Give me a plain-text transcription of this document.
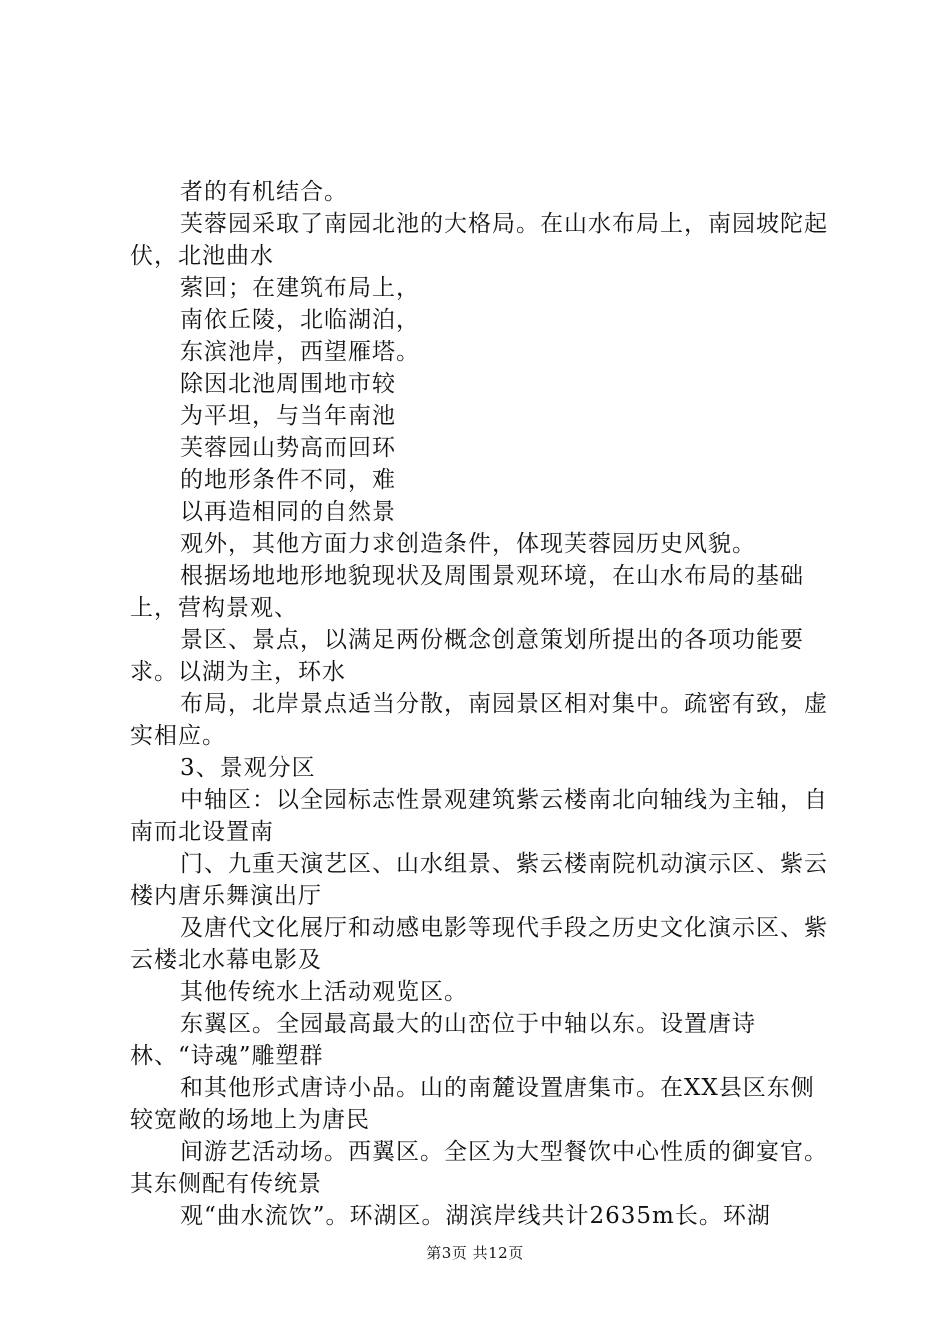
者的有机结合。

芙蓉园采取了南园北池的大格局。在山水布局上，南园坡陀起伏，北池曲水

萦回；在建筑布局上，

南依丘陵，北临湖泊，

东滨池岸，西望雁塔。

除因北池周围地市较

为平坦，与当年南池

芙蓉园山势高而回环

的地形条件不同，难

以再造相同的自然景

观外，其他方面力求创造条件，体现芙蓉园历史风貌。

根据场地地形地貌现状及周围景观环境，在山水布局的基础上，营构景观、

景区、景点，以满足两份概念创意策划所提出的各项功能要求。以湖为主，环水

布局，北岸景点适当分散，南园景区相对集中。疏密有致，虚实相应。

3、景观分区

中轴区：以全园标志性景观建筑紫云楼南北向轴线为主轴，自南而北设置南

门、九重天演艺区、山水组景、紫云楼南院机动演示区、紫云楼内唐乐舞演出厅

及唐代文化展厅和动感电影等现代手段之历史文化演示区、紫云楼北水幕电影及

其他传统水上活动观览区。

东翼区。全园最高最大的山峦位于中轴以东。设置唐诗林、“诗魂”雕塑群

和其他形式唐诗小品。山的南麓设置唐集市。在XX县区东侧较宽敞的场地上为唐民

间游艺活动场。西翼区。全区为大型餐饮中心性质的御宴官。其东侧配有传统景

观“曲水流饮”。环湖区。湖滨岸线共计2635m长。环湖

第3页 共12页
